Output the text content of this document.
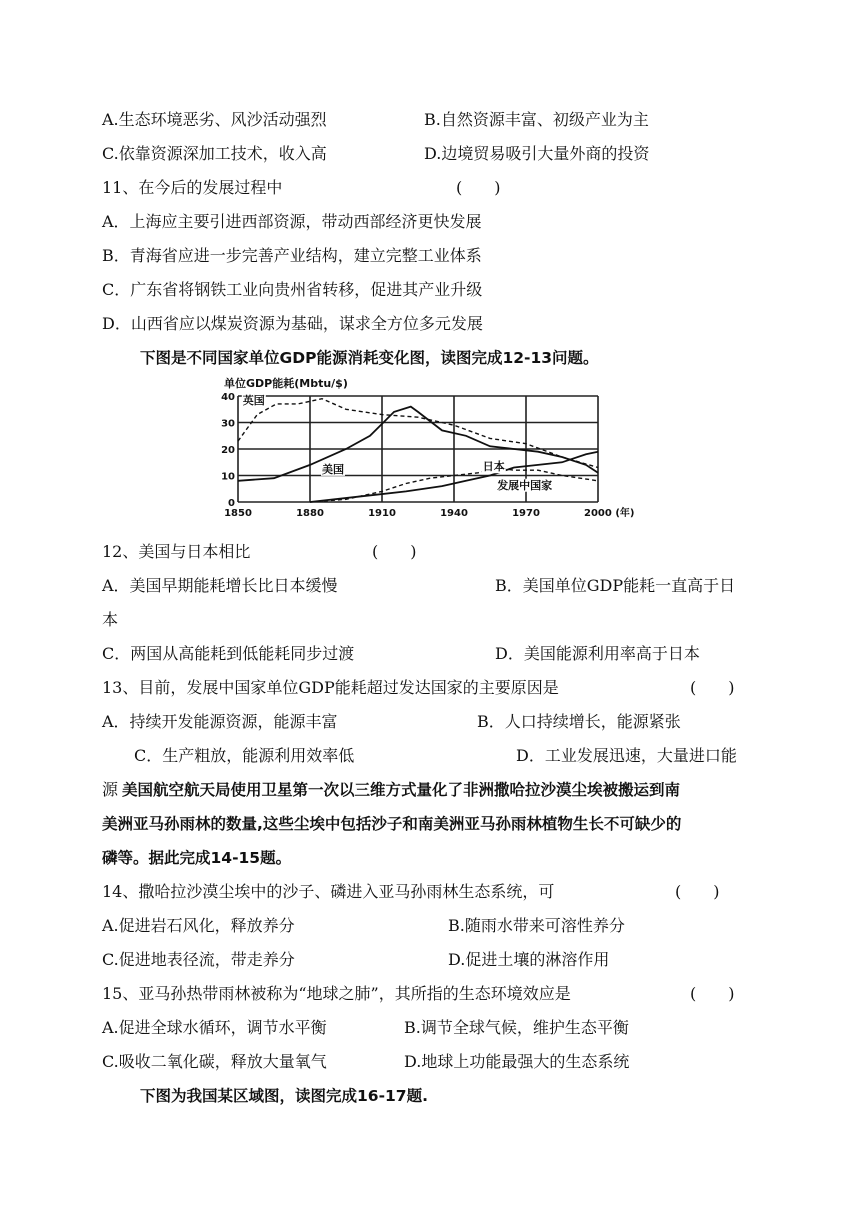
A.生态环境恶劣、风沙活动强烈	B.自然资源丰富、初级产业为主
C.依靠资源深加工技术，收入高	D.边境贸易吸引大量外商的投资
11、在今后的发展过程中	(　　)
A．上海应主要引进西部资源，带动西部经济更快发展
B．青海省应进一步完善产业结构，建立完整工业体系
C．广东省将钢铁工业向贵州省转移，促进其产业升级
D．山西省应以煤炭资源为基础，谋求全方位多元发展
下图是不同国家单位GDP能源消耗变化图，读图完成12-13问题。
单位GDP能耗(Mbtu/$)
0
10
20
30
40
1850	1880	1910	1940	1970	2000 (年)
英国
美国	日本
发展中国家
12、美国与日本相比	(　　)
A．美国早期能耗增长比日本缓慢	B．美国单位GDP能耗一直高于日
本
C．两国从高能耗到低能耗同步过渡	D．美国能源利用率高于日本
13、目前，发展中国家单位GDP能耗超过发达国家的主要原因是	(　　)
A．持续开发能源资源，能源丰富	B．人口持续增长，能源紧张
C．生产粗放，能源利用效率低	D．工业发展迅速，大量进口能
源 美国航空航天局使用卫星第一次以三维方式量化了非洲撒哈拉沙漠尘埃被搬运到南
美洲亚马孙雨林的数量,这些尘埃中包括沙子和南美洲亚马孙雨林植物生长不可缺少的
磷等。据此完成14-15题。
14、撒哈拉沙漠尘埃中的沙子、磷进入亚马孙雨林生态系统，可	(　　)
A.促进岩石风化，释放养分	B.随雨水带来可溶性养分
C.促进地表径流，带走养分	D.促进土壤的淋溶作用
15、亚马孙热带雨林被称为“地球之肺”，其所指的生态环境效应是	(　　)
A.促进全球水循环，调节水平衡	B.调节全球气候，维护生态平衡
C.吸收二氧化碳，释放大量氧气	D.地球上功能最强大的生态系统
下图为我国某区域图，读图完成16-17题.
